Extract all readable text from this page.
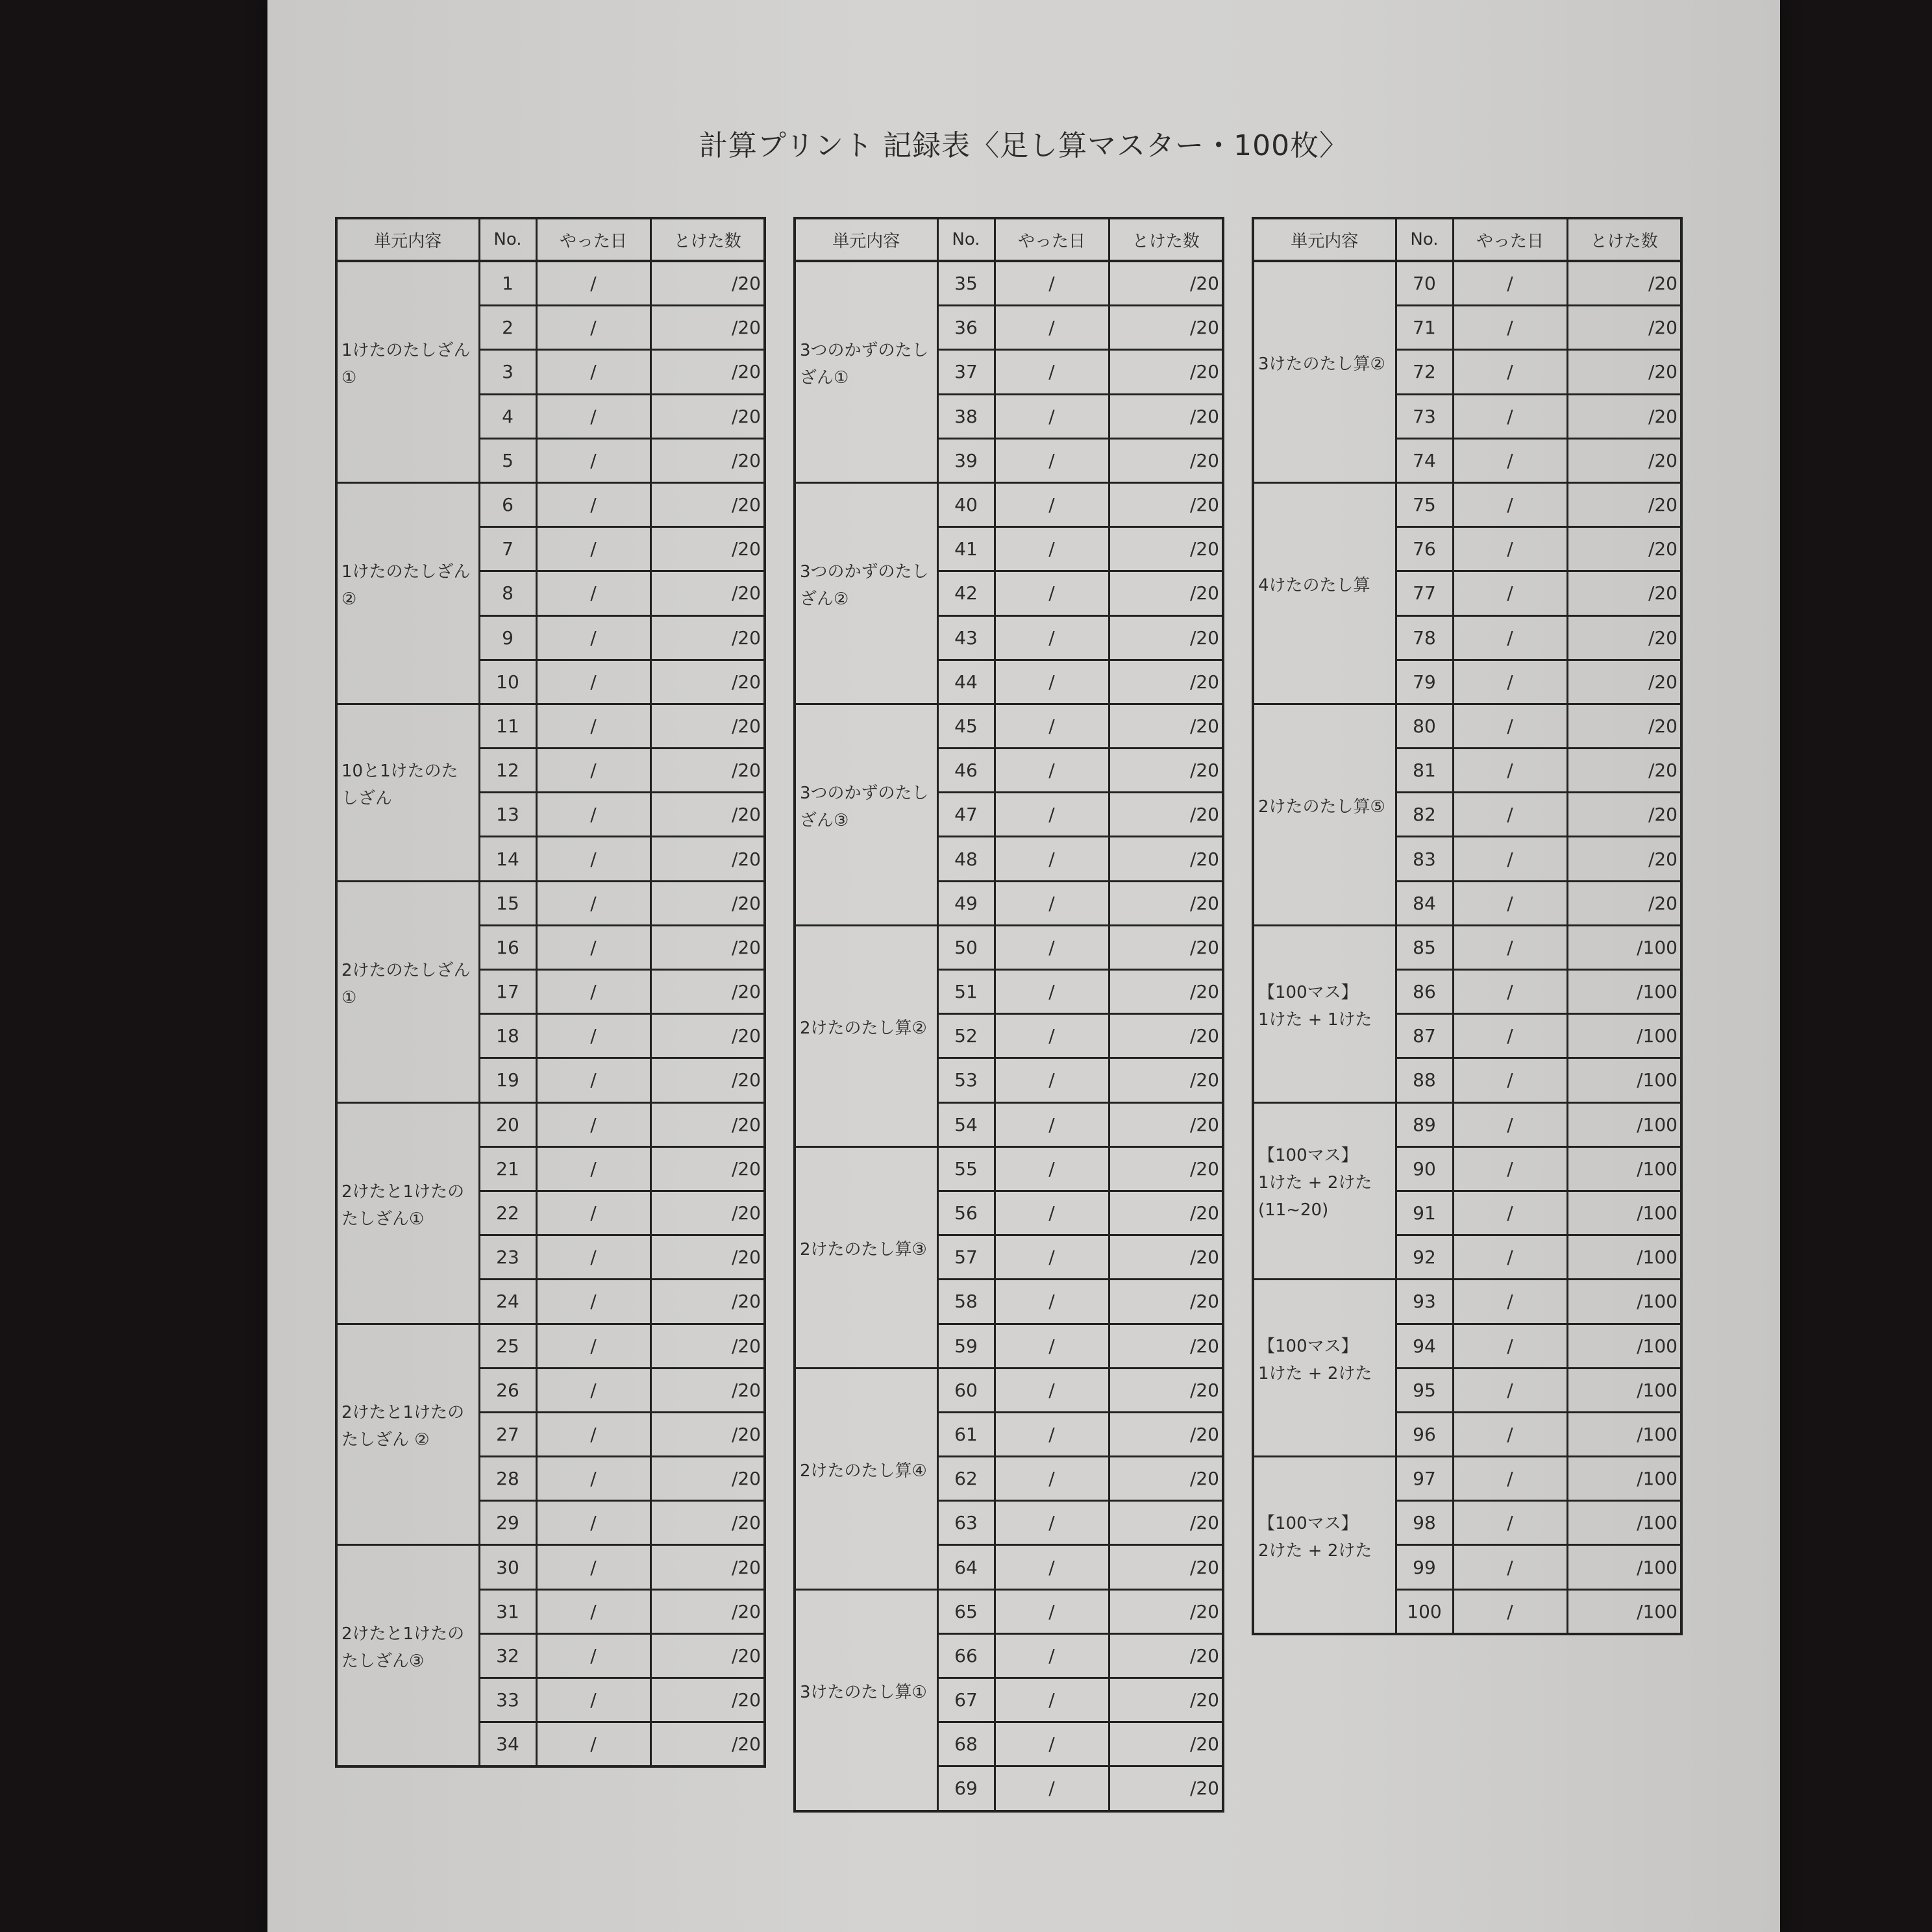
計算プリント 記録表〈足し算マスター・100枚〉
単元内容	No.	やった日	とけた数
1けたのたしざん①	1	/	/20
	2	/	/20
	3	/	/20
	4	/	/20
	5	/	/20
1けたのたしざん②	6	/	/20
	7	/	/20
	8	/	/20
	9	/	/20
	10	/	/20
10と1けたのたしざん	11	/	/20
	12	/	/20
	13	/	/20
	14	/	/20
2けたのたしざん①	15	/	/20
	16	/	/20
	17	/	/20
	18	/	/20
	19	/	/20
2けたと1けたのたしざん①	20	/	/20
	21	/	/20
	22	/	/20
	23	/	/20
	24	/	/20
2けたと1けたのたしざん ②	25	/	/20
	26	/	/20
	27	/	/20
	28	/	/20
	29	/	/20
2けたと1けたのたしざん③	30	/	/20
	31	/	/20
	32	/	/20
	33	/	/20
	34	/	/20
単元内容	No.	やった日	とけた数
3つのかずのたしざん①	35	/	/20
	36	/	/20
	37	/	/20
	38	/	/20
	39	/	/20
3つのかずのたしざん②	40	/	/20
	41	/	/20
	42	/	/20
	43	/	/20
	44	/	/20
3つのかずのたしざん③	45	/	/20
	46	/	/20
	47	/	/20
	48	/	/20
	49	/	/20
2けたのたし算②	50	/	/20
	51	/	/20
	52	/	/20
	53	/	/20
	54	/	/20
2けたのたし算③	55	/	/20
	56	/	/20
	57	/	/20
	58	/	/20
	59	/	/20
2けたのたし算④	60	/	/20
	61	/	/20
	62	/	/20
	63	/	/20
	64	/	/20
3けたのたし算①	65	/	/20
	66	/	/20
	67	/	/20
	68	/	/20
	69	/	/20
単元内容	No.	やった日	とけた数
3けたのたし算②	70	/	/20
	71	/	/20
	72	/	/20
	73	/	/20
	74	/	/20
4けたのたし算	75	/	/20
	76	/	/20
	77	/	/20
	78	/	/20
	79	/	/20
2けたのたし算⑤	80	/	/20
	81	/	/20
	82	/	/20
	83	/	/20
	84	/	/20
【100マス】
1けた + 1けた	85	/	/100
	86	/	/100
	87	/	/100
	88	/	/100
【100マス】
1けた + 2けた
(11~20)	89	/	/100
	90	/	/100
	91	/	/100
	92	/	/100
【100マス】
1けた + 2けた	93	/	/100
	94	/	/100
	95	/	/100
	96	/	/100
【100マス】
2けた + 2けた	97	/	/100
	98	/	/100
	99	/	/100
	100	/	/100
